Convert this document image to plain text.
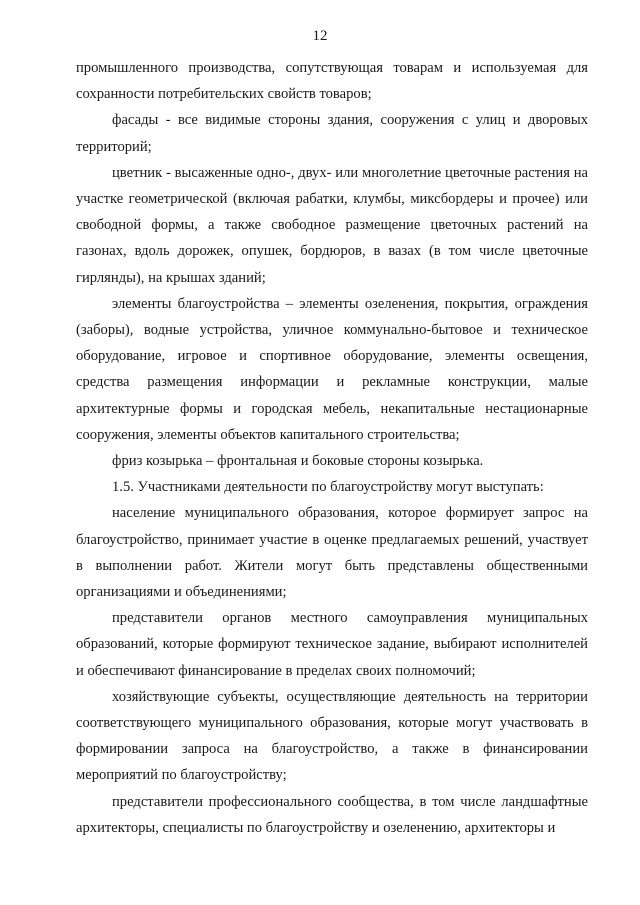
12

промышленного производства, сопутствующая товарам и используемая для сохранности потребительских свойств товаров;

фасады - все видимые стороны здания, сооружения с улиц и дворовых территорий;

цветник - высаженные одно-, двух- или многолетние цветочные растения на участке геометрической (включая рабатки, клумбы, миксбордеры и прочее) или свободной формы, а также свободное размещение цветочных растений на газонах, вдоль дорожек, опушек, бордюров, в вазах (в том числе цветочные гирлянды), на крышах зданий;

элементы благоустройства – элементы озеленения, покрытия, ограждения (заборы), водные устройства, уличное коммунально-бытовое и техническое оборудование, игровое и спортивное оборудование, элементы освещения, средства размещения информации и рекламные конструкции, малые архитектурные формы и городская мебель, некапитальные нестационарные сооружения, элементы объектов капитального строительства;

фриз козырька – фронтальная и боковые стороны козырька.

1.5. Участниками деятельности по благоустройству могут выступать:

население муниципального образования, которое формирует запрос на благоустройство, принимает участие в оценке предлагаемых решений, участвует в выполнении работ. Жители могут быть представлены общественными организациями и объединениями;

представители органов местного самоуправления муниципальных образований, которые формируют техническое задание, выбирают исполнителей и обеспечивают финансирование в пределах своих полномочий;

хозяйствующие субъекты, осуществляющие деятельность на территории соответствующего муниципального образования, которые могут участвовать в формировании запроса на благоустройство, а также в финансировании мероприятий по благоустройству;

представители профессионального сообщества, в том числе ландшафтные архитекторы, специалисты по благоустройству и озеленению, архитекторы и
